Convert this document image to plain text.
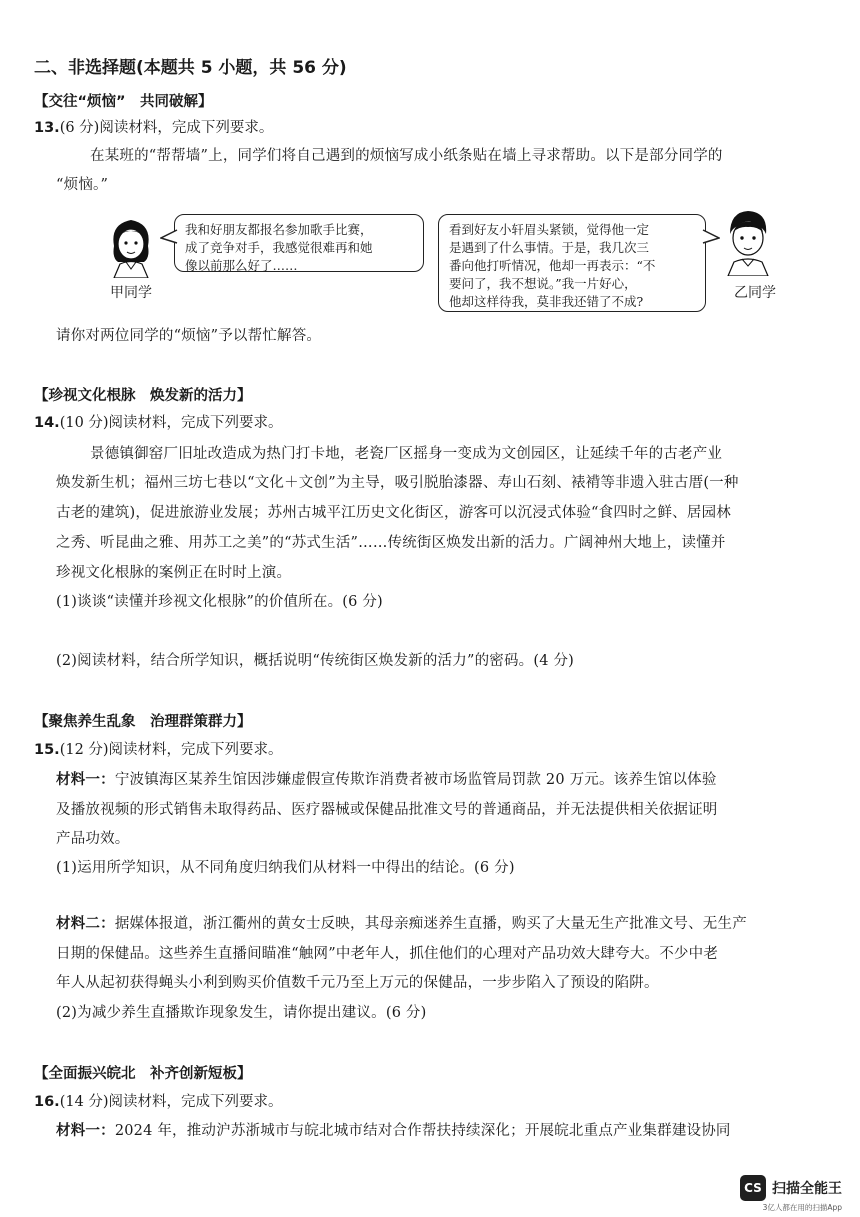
二、非选择题(本题共 5 小题，共 56 分)
【交往“烦恼”　共同破解】
13.(6 分)阅读材料，完成下列要求。
在某班的“帮帮墙”上，同学们将自己遇到的烦恼写成小纸条贴在墙上寻求帮助。以下是部分同学的
“烦恼。”
甲同学
我和好朋友都报名参加歌手比赛，
成了竞争对手，我感觉很难再和她
像以前那么好了……
看到好友小轩眉头紧锁，觉得他一定
是遇到了什么事情。于是，我几次三
番向他打听情况，他却一再表示：“不
要问了，我不想说。”我一片好心，
他却这样待我，莫非我还错了不成?
乙同学
请你对两位同学的“烦恼”予以帮忙解答。
【珍视文化根脉　焕发新的活力】
14.(10 分)阅读材料，完成下列要求。
景德镇御窑厂旧址改造成为热门打卡地，老瓷厂区摇身一变成为文创园区，让延续千年的古老产业
焕发新生机；福州三坊七巷以“文化＋文创”为主导，吸引脱胎漆器、寿山石刻、裱褙等非遗入驻古厝(一种
古老的建筑)，促进旅游业发展；苏州古城平江历史文化街区，游客可以沉浸式体验“食四时之鲜、居园林
之秀、听昆曲之雅、用苏工之美”的“苏式生活”……传统街区焕发出新的活力。广阔神州大地上，读懂并
珍视文化根脉的案例正在时时上演。
(1)谈谈“读懂并珍视文化根脉”的价值所在。(6 分)
(2)阅读材料，结合所学知识，概括说明“传统街区焕发新的活力”的密码。(4 分)
【聚焦养生乱象　治理群策群力】
15.(12 分)阅读材料，完成下列要求。
材料一：宁波镇海区某养生馆因涉嫌虚假宣传欺诈消费者被市场监管局罚款 20 万元。该养生馆以体验
及播放视频的形式销售未取得药品、医疗器械或保健品批准文号的普通商品，并无法提供相关依据证明
产品功效。
(1)运用所学知识，从不同角度归纳我们从材料一中得出的结论。(6 分)
材料二：据媒体报道，浙江衢州的黄女士反映，其母亲痴迷养生直播，购买了大量无生产批准文号、无生产
日期的保健品。这些养生直播间瞄准“触网”中老年人，抓住他们的心理对产品功效大肆夸大。不少中老
年人从起初获得蝇头小利到购买价值数千元乃至上万元的保健品，一步步陷入了预设的陷阱。
(2)为减少养生直播欺诈现象发生，请你提出建议。(6 分)
【全面振兴皖北　补齐创新短板】
16.(14 分)阅读材料，完成下列要求。
材料一：2024 年，推动沪苏浙城市与皖北城市结对合作帮扶持续深化；开展皖北重点产业集群建设协同
CS 扫描全能王
3亿人都在用的扫描App
